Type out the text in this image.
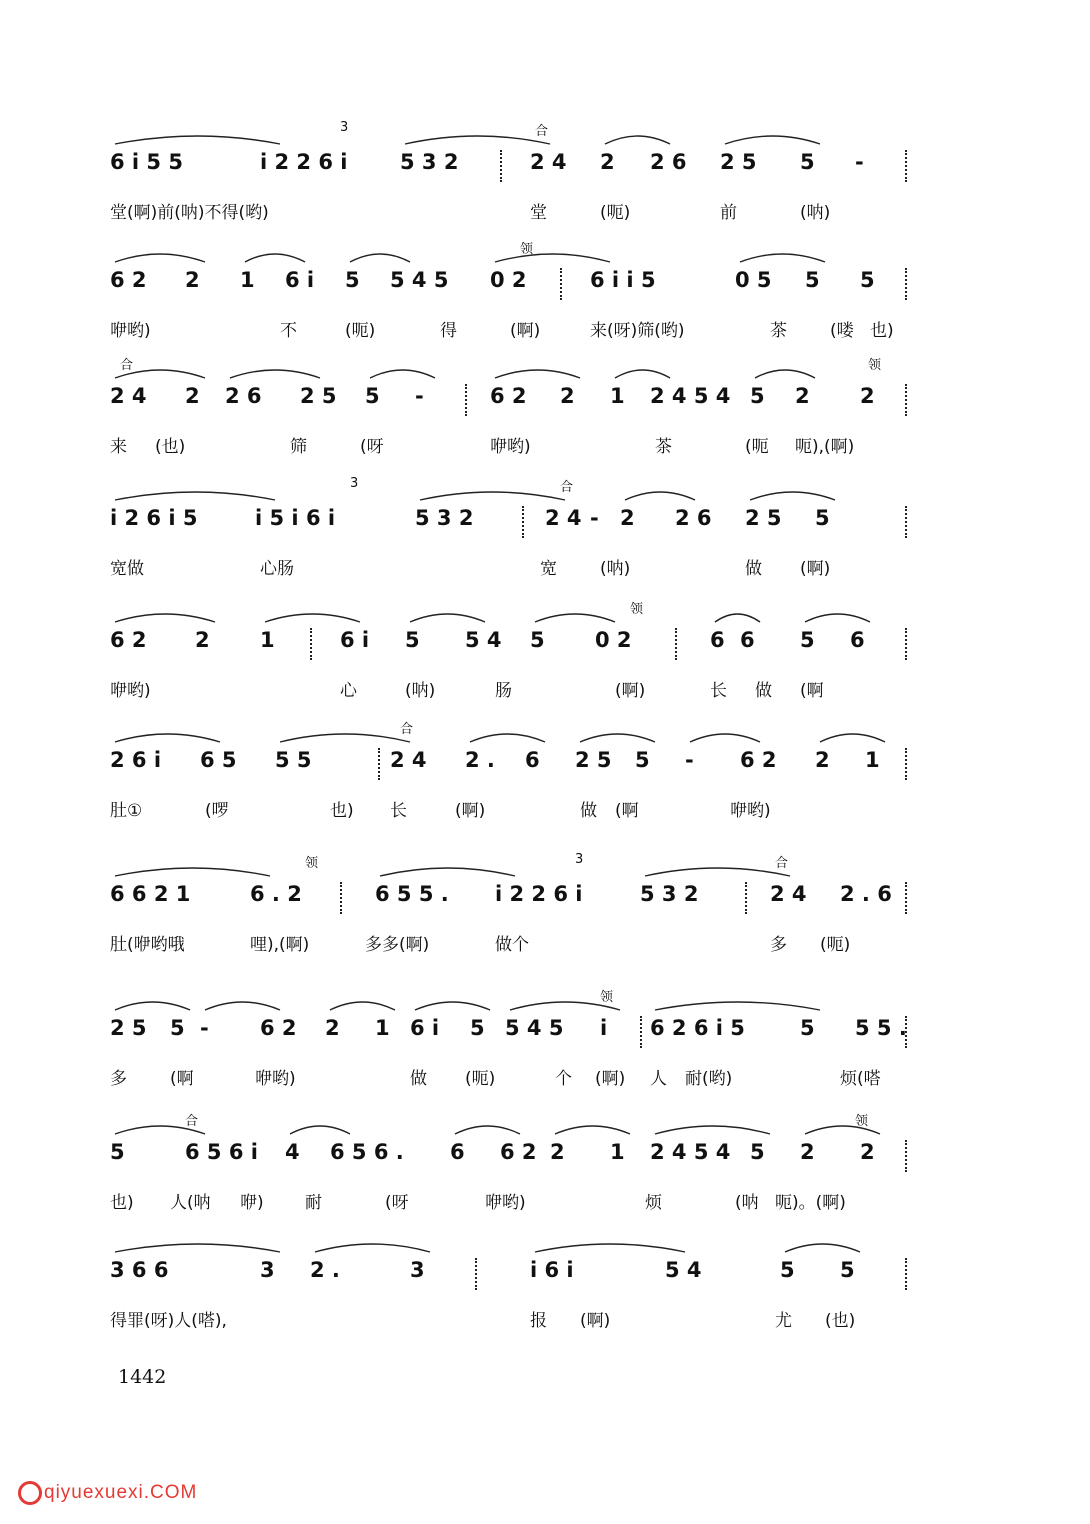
6 i 5 5	i 2 2 6 i	5 3 2	2 4 2 2 6 2 5 5 -
3	合
堂(啊)前(呐)不得(哟)	堂	(呃)	前	(呐)
6 2 2 1 6 i 5 5 4 5 0 2	6 i i 5	0 5 5 5
领
咿哟)	不	(呃)	得	(啊)	来(呀)筛(哟)	茶	(喽 也)
2 4 2 2 6 2 5 5 -	6 2 2 1 2 4 5 4 5 2 2
合	领
来 (也)	筛	(呀	咿哟)	茶	(呃 呃),(啊)
i 2 6 i 5	i 5 i 6 i	5 3 2	2 4 2 2 6 2 5 5
-
3	合
宽做	心肠	宽	(呐)	做 (啊)
6 2 2 1	6 i 5 5 4 5 0 2	6 6 5 6
领
咿哟)	心	(呐)	肠	(啊)	长 做 (啊
2 6 i 6 5 5 5	2 4 2 . 6 2 5 5 - 6 2 2 1
合
肚①	(啰	也) 长	(啊)	做 (啊	咿哟)
6 6 2 1	6 . 2	6 5 5 . i 2 2 6 i	5 3 2	2 4 2 . 6
领	3	合
肚(咿哟哦	哩),(啊)	多多(啊)	做个	多 (呃)
2 5 5 - 6 2 2 1 6 i 5 5 4 5 i 6 2 6 i 5	5 5 5 .
领
多	(啊	咿哟)	做 (呃)	个 (啊) 人 耐(哟)	烦(嗒
5	6 5 6 i 4 6 5 6 . 6 6 2 2 1 2 4 5 4 5 2 2
合	领
也) 人(呐 咿) 耐	(呀	咿哟)	烦	(呐 呃)。(啊)
3 6 6	3 2 .	3	i 6 i	5 4	5 5
得罪(呀)人(嗒),	报 (啊)	尤 (也)
1442
qiyuexuexi.COM
